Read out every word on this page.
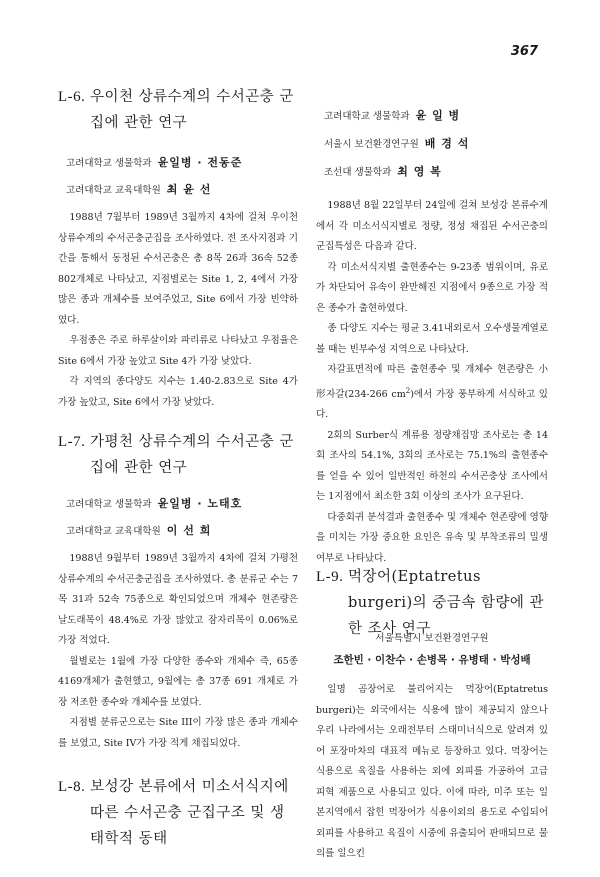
367
L-6. 우이천 상류수계의 수서곤충 군집에 관한 연구

고려대학교 생물학과 윤일병 · 전동준

고려대학교 교육대학원 최 윤 선

1988년 7월부터 1989년 3월까지 4차에 걸쳐 우이천 상류수계의 수서곤충군집을 조사하였다. 전 조사지점과 기간을 통해서 동정된 수서곤충은 총 8목 26과 36속 52종 802개체로 나타났고, 지점별로는 Site 1, 2, 4에서 가장 많은 종과 개체수를 보여주었고, Site 6에서 가장 빈약하였다.

우점종은 주로 하루살이와 파리류로 나타났고 우점율은 Site 6에서 가장 높았고 Site 4가 가장 낮았다.

각 지역의 종다양도 지수는 1.40-2.83으로 Site 4가 가장 높았고, Site 6에서 가장 낮았다.

L-7. 가평천 상류수계의 수서곤충 군집에 관한 연구

고려대학교 생물학과 윤일병 · 노태호

고려대학교 교육대학원 이 선 희

1988년 9월부터 1989년 3월까지 4차에 걸쳐 가평천 상류수계의 수서곤충군집을 조사하였다. 총 분류군 수는 7목 31과 52속 75종으로 확인되었으며 개체수 현존량은 날도래목이 48.4%로 가장 많았고 잠자리목이 0.06%로 가장 적었다.

월별로는 1월에 가장 다양한 종수와 개체수 즉, 65종 4169개체가 출현했고, 9월에는 총 37종 691 개체로 가장 저조한 종수와 개체수를 보였다.

지점별 분류군으로는 Site III이 가장 많은 종과 개체수를 보였고, Site IV가 가장 적게 채집되었다.

L-8. 보성강 본류에서 미소서식지에 따른 수서곤충 군집구조 및 생태학적 동태

고려대학교 생물학과 윤 일 병

서울시 보건환경연구원 배 경 석

조선대 생물학과 최 영 복

1988년 8월 22일부터 24일에 걸쳐 보성강 본류수계에서 각 미소서식지별로 정량, 정성 채집된 수서곤충의 군집특성은 다음과 같다.

각 미소서식지별 출현종수는 9-23종 범위이며, 유로가 차단되어 유속이 완만해진 지점에서 9종으로 가장 적은 종수가 출현하였다.

종 다양도 지수는 평균 3.41내외로서 오수생물계열로 볼 때는 빈부수성 지역으로 나타났다.

자갈표면적에 따른 출현종수 및 개체수 현존량은 小形자갈(234-266 $cm^2$)에서 가장 풍부하게 서식하고 있다.

2회의 Surber식 계류용 정량채집망 조사로는 총 14회 조사의 54.1%, 3회의 조사로는 75.1%의 출현종수를 얻을 수 있어 일반적인 하천의 수서곤충상 조사에서는 1지점에서 최소한 3회 이상의 조사가 요구된다.

다중회귀 분석결과 출현종수 및 개체수 현존량에 영향을 미치는 가장 중요한 요인은 유속 및 부착조류의 밀생여부로 나타났다.

L-9. 먹장어(Eptatretus burgeri)의 중금속 함량에 관한 조사 연구

서울특별시 보건환경연구원

조한빈 · 이찬수 · 손병목 · 유병태 · 박성배

일명 곰장어로 불리어지는 먹장어(Eptatretus burgeri)는 외국에서는 식용에 많이 제공되지 않으나 우리 나라에서는 오래전부터 스태미너식으로 알려져 있어 포장마차의 대표적 메뉴로 등장하고 있다. 먹장어는 식용으로 육질을 사용하는 외에 외피를 가공하여 고급 피혁 제품으로 사용되고 있다. 이에 따라, 미주 또는 일본지역에서 잡힌 먹장어가 식용이외의 용도로 수입되어 외피를 사용하고 육질이 시중에 유출되어 판매되므로 물의를 일으킨
